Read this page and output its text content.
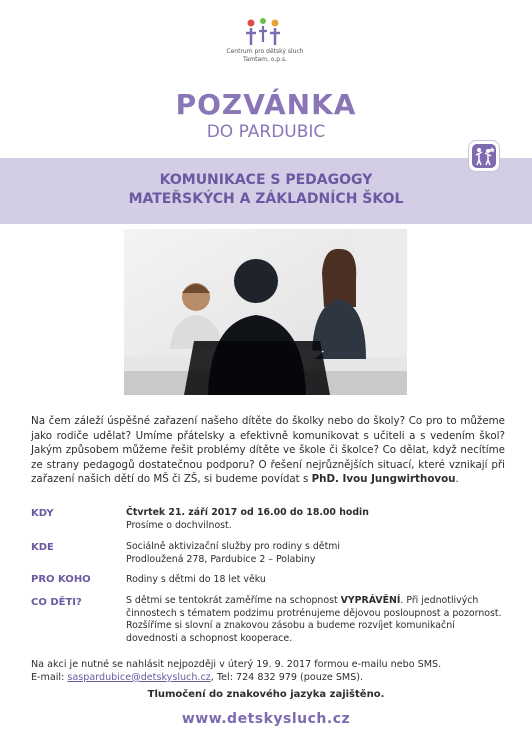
Centrum pro dětský sluch
Tamtam, o.p.s.
POZVÁNKA
DO PARDUBIC
KOMUNIKACE S PEDAGOGY
MATEŘSKÝCH A ZÁKLADNÍCH ŠKOL
Na čem záleží úspěšné zařazení našeho dítěte do školky nebo do školy? Co pro to můžeme jako rodiče udělat? Umíme přátelsky a efektivně komunikovat s učiteli a s vedením škol? Jakým způsobem můžeme řešit problémy dítěte ve škole či školce? Co dělat, když necítíme ze strany pedagogů dostatečnou podporu? O řešení nejrůznějších situací, které vznikají při zařazení našich dětí do MŠ či ZŠ, si budeme povídat s PhD. Ivou Jungwirthovou.
KDY	Čtvrtek 21. září 2017 od 16.00 do 18.00 hodin
Prosíme o dochvilnost.
KDE	Sociálně aktivizační služby pro rodiny s dětmi
Prodloužená 278, Pardubice 2 – Polabiny
PRO KOHO	Rodiny s dětmi do 18 let věku
CO DĚTI?	S dětmi se tentokrát zaměříme na schopnost VYPRÁVĚNÍ. Při jednotlivých činnostech s tématem podzimu protrénujeme dějovou posloupnost a pozornost. Rozšíříme si slovní a znakovou zásobu a budeme rozvíjet komunikační dovednosti a schopnost kooperace.
Na akci je nutné se nahlásit nejpozději v úterý 19. 9. 2017 formou e-mailu nebo SMS.
E-mail: saspardubice@detskysluch.cz, Tel: 724 832 979 (pouze SMS).
Tlumočení do znakového jazyka zajištěno.
www.detskysluch.cz
